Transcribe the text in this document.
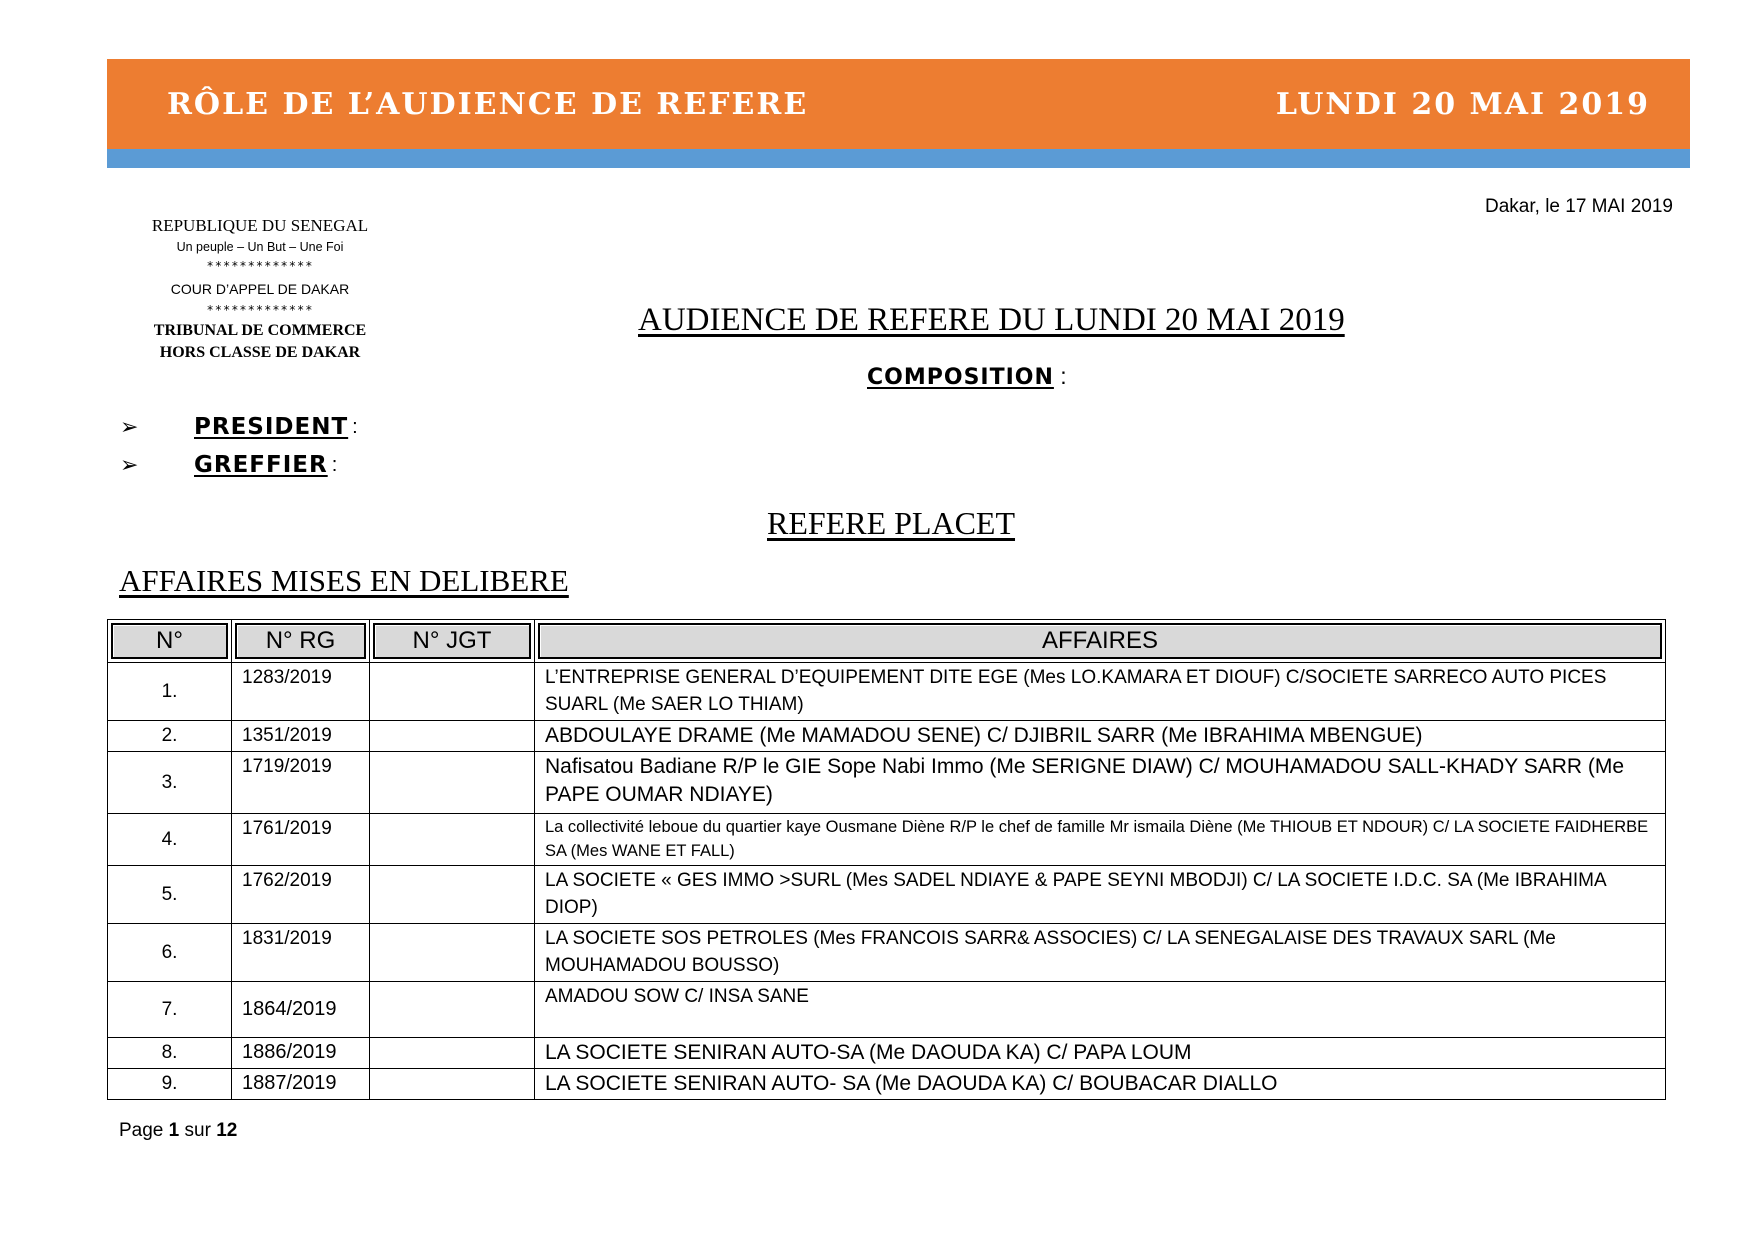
RÔLE DE L’AUDIENCE DE REFERE	LUNDI 20 MAI 2019
Dakar, le 17 MAI 2019
REPUBLIQUE DU SENEGAL
Un peuple – Un But – Une Foi
*************
COUR D’APPEL DE DAKAR
*************
TRIBUNAL DE COMMERCE
HORS CLASSE DE DAKAR
AUDIENCE DE REFERE DU LUNDI 20 MAI 2019
COMPOSITION :
➢	PRESIDENT :
➢	GREFFIER :
REFERE PLACET
AFFAIRES MISES EN DELIBERE
N°	N° RG	N° JGT	AFFAIRES

1.	1283/2019		L’ENTREPRISE GENERAL D’EQUIPEMENT DITE EGE (Mes LO.KAMARA ET DIOUF) C/SOCIETE SARRECO AUTO PICES SUARL (Me SAER LO THIAM)
2.	1351/2019		ABDOULAYE DRAME (Me MAMADOU SENE) C/ DJIBRIL SARR (Me IBRAHIMA MBENGUE)
3.	1719/2019		Nafisatou Badiane R/P le GIE Sope Nabi Immo (Me SERIGNE DIAW) C/ MOUHAMADOU SALL-KHADY SARR (Me PAPE OUMAR NDIAYE)
4.	1761/2019		La collectivité leboue du quartier kaye Ousmane Diène R/P le chef de famille Mr ismaila Diène (Me THIOUB ET NDOUR) C/ LA SOCIETE FAIDHERBE SA (Mes WANE ET FALL)
5.	1762/2019		LA SOCIETE « GES IMMO >SURL (Mes SADEL NDIAYE & PAPE SEYNI MBODJI) C/ LA SOCIETE I.D.C. SA (Me IBRAHIMA DIOP)
6.	1831/2019		LA SOCIETE SOS PETROLES (Mes FRANCOIS SARR& ASSOCIES) C/ LA SENEGALAISE DES TRAVAUX SARL (Me MOUHAMADOU BOUSSO)
7.	1864/2019		AMADOU SOW C/ INSA SANE
8.	1886/2019		LA SOCIETE SENIRAN AUTO-SA (Me DAOUDA KA) C/ PAPA LOUM
9.	1887/2019		LA SOCIETE SENIRAN AUTO- SA (Me DAOUDA KA) C/ BOUBACAR DIALLO
Page 1 sur 12
